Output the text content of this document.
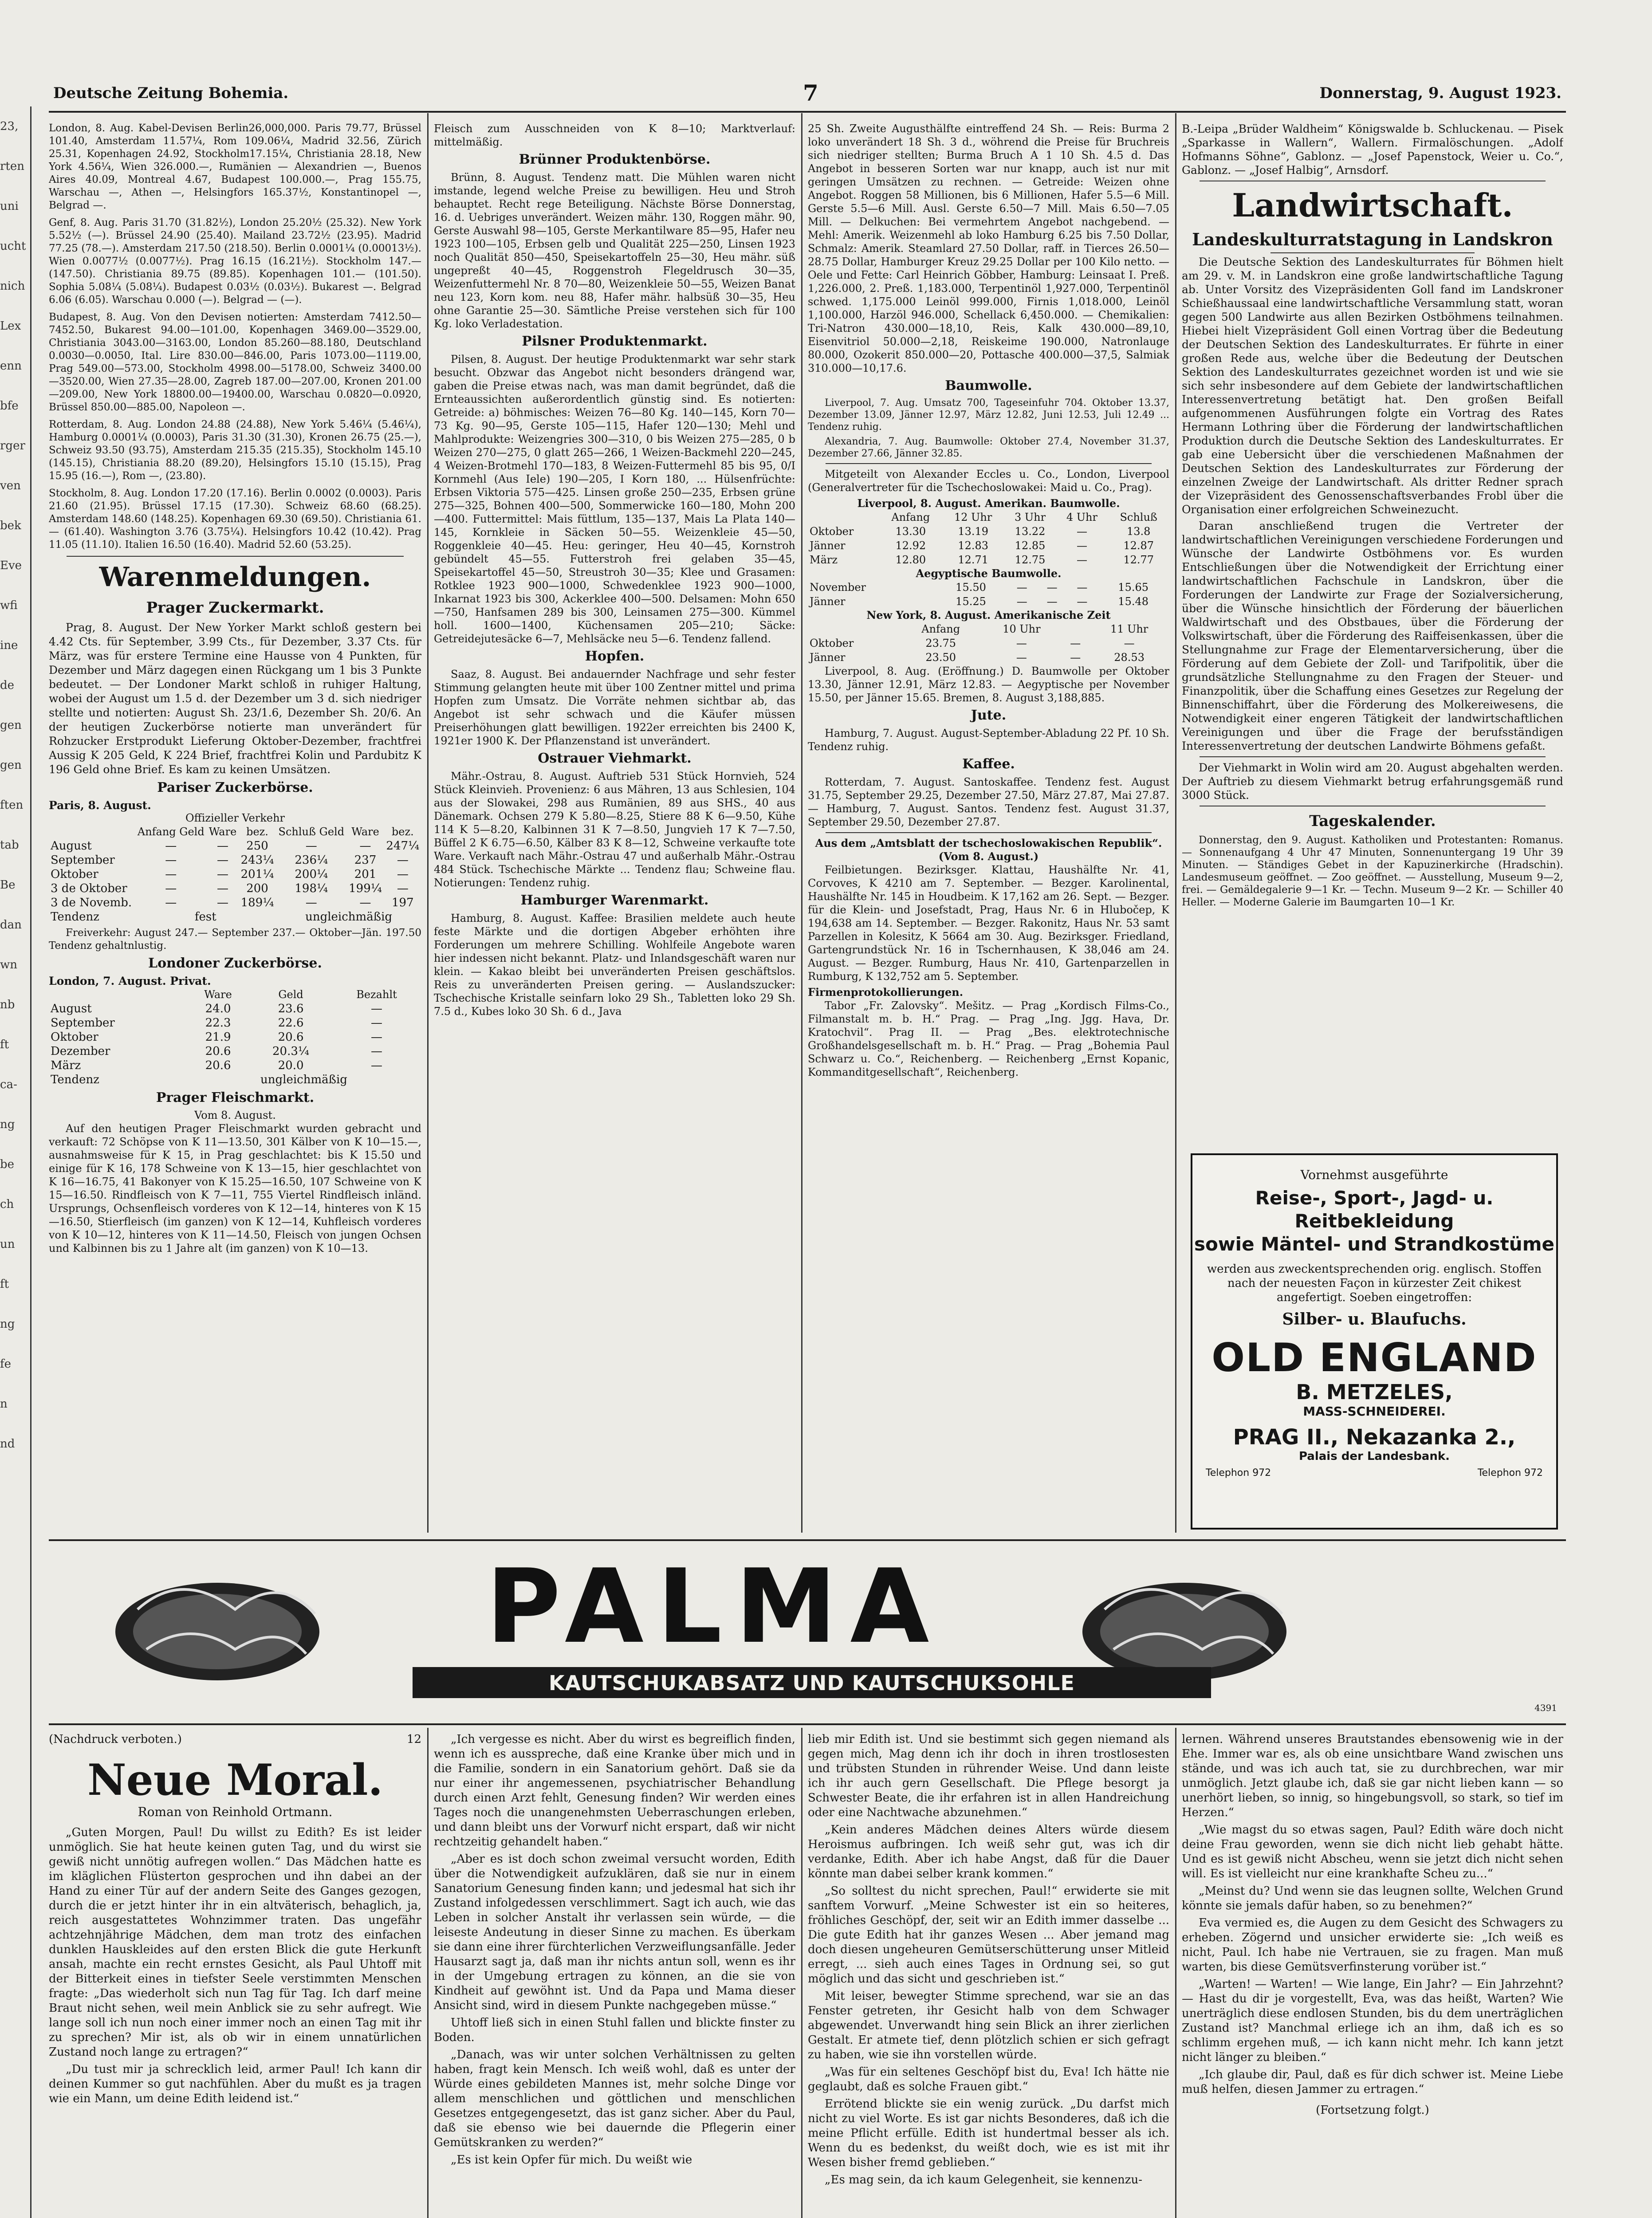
Deutsche Zeitung Bohemia.	7	Donnerstag, 9. August 1923.
23,
rten
uni
ucht
nich
Lex
enn
bfe
rger
ven
bek
Eve
wfi
ine
de
gen
gen
ften
tab
Be
dan
wn
nb
ft
ca-
ng
be
ch
un
ft
ng
fe
n
nd

London, 8. Aug. Kabel-Devisen Berlin26,000,000. Paris 79.77, Brüssel 101.40, Amsterdam 11.57¼, Rom 109.06¼, Madrid 32.56, Zürich 25.31, Kopenhagen 24.92, Stockholm17.15¼, Christiania 28.18, New York 4.56¼, Wien 326.000.—, Rumänien — Alexandrien —, Buenos Aires 40.09, Montreal 4.67, Budapest 100.000.—, Prag 155.75, Warschau —, Athen —, Helsingfors 165.37½, Konstantinopel —, Belgrad —.

Genf, 8. Aug. Paris 31.70 (31.82½), London 25.20½ (25.32). New York 5.52½ (—). Brüssel 24.90 (25.40). Mailand 23.72½ (23.95). Madrid 77.25 (78.—). Amsterdam 217.50 (218.50). Berlin 0.0001¼ (0.00013½). Wien 0.0077½ (0.0077½). Prag 16.15 (16.21½). Stockholm 147.— (147.50). Christiania 89.75 (89.85). Kopenhagen 101.— (101.50). Sophia 5.08¼ (5.08¼). Budapest 0.03½ (0.03½). Bukarest —. Belgrad 6.06 (6.05). Warschau 0.000 (—). Belgrad — (—).

Budapest, 8. Aug. Von den Devisen notierten: Amsterdam 7412.50—7452.50, Bukarest 94.00—101.00, Kopenhagen 3469.00—3529.00, Christiania 3043.00—3163.00, London 85.260—88.180, Deutschland 0.0030—0.0050, Ital. Lire 830.00—846.00, Paris 1073.00—1119.00, Prag 549.00—573.00, Stockholm 4998.00—5178.00, Schweiz 3400.00—3520.00, Wien 27.35—28.00, Zagreb 187.00—207.00, Kronen 201.00—209.00, New York 18800.00—19400.00, Warschau 0.0820—0.0920, Brüssel 850.00—885.00, Napoleon —.

Rotterdam, 8. Aug. London 24.88 (24.88), New York 5.46¼ (5.46¼), Hamburg 0.0001¼ (0.0003), Paris 31.30 (31.30), Kronen 26.75 (25.—), Schweiz 93.50 (93.75), Amsterdam 215.35 (215.35), Stockholm 145.10 (145.15), Christiania 88.20 (89.20), Helsingfors 15.10 (15.15), Prag 15.95 (16.—), Rom —, (23.80).

Stockholm, 8. Aug. London 17.20 (17.16). Berlin 0.0002 (0.0003). Paris 21.60 (21.95). Brüssel 17.15 (17.30). Schweiz 68.60 (68.25). Amsterdam 148.60 (148.25). Kopenhagen 69.30 (69.50). Christiania 61.— (61.40). Washington 3.76 (3.75¼). Helsingfors 10.42 (10.42). Prag 11.05 (11.10). Italien 16.50 (16.40). Madrid 52.60 (53.25).

Warenmeldungen.
Prager Zuckermarkt.

Prag, 8. August. Der New Yorker Markt schloß gestern bei 4.42 Cts. für September, 3.99 Cts., für Dezember, 3.37 Cts. für März, was für erstere Termine eine Hausse von 4 Punkten, für Dezember und März dagegen einen Rückgang um 1 bis 3 Punkte bedeutet. — Der Londoner Markt schloß in ruhiger Haltung, wobei der August um 1.5 d. der Dezember um 3 d. sich niedriger stellte und notierten: August Sh. 23/1.6, Dezember Sh. 20/6. An der heutigen Zuckerbörse notierte man unverändert für Rohzucker Erstprodukt Lieferung Oktober-Dezember, frachtfrei Aussig K 205 Geld, K 224 Brief, frachtfrei Kolin und Pardubitz K 196 Geld ohne Brief. Es kam zu keinen Umsätzen.

Pariser Zuckerbörse.
Paris, 8. August.
Offizieller Verkehr
	Anfang Geld	Ware	bez.	Schluß Geld	Ware	bez.
August	—	—	250	—	—	247¼
September	—	—	243¼	236¼	237	—
Oktober	—	—	201¼	200¼	201	—
3 de Oktober	—	—	200	198¼	199¼	—
3 de Novemb.	—	—	189¼	—	—	197
Tendenz	fest			ungleichmäßig		

Freiverkehr: August 247.— September 237.— Oktober—Jän. 197.50 Tendenz gehaltnlustig.

Londoner Zuckerbörse.
London, 7. August. Privat.
	Ware	Geld	Bezahlt
August	24.0	23.6	—
September	22.3	22.6	—
Oktober	21.9	20.6	—
Dezember	20.6	20.3¼	—
März	20.6	20.0	—
Tendenz	ungleichmäßig		
Prager Fleischmarkt.
Vom 8. August.

Auf den heutigen Prager Fleischmarkt wurden gebracht und verkauft: 72 Schöpse von K 11—13.50, 301 Kälber von K 10—15.—, ausnahmsweise für K 15, in Prag geschlachtet: bis K 15.50 und einige für K 16, 178 Schweine von K 13—15, hier geschlachtet von K 16—16.75, 41 Bakonyer von K 15.25—16.50, 107 Schweine von K 15—16.50. Rindfleisch von K 7—11, 755 Viertel Rindfleisch inländ. Ursprungs, Ochsenfleisch vorderes von K 12—14, hinteres von K 15—16.50, Stierfleisch (im ganzen) von K 12—14, Kuhfleisch vorderes von K 10—12, hinteres von K 11—14.50, Fleisch von jungen Ochsen und Kalbinnen bis zu 1 Jahre alt (im ganzen) von K 10—13.

Fleisch zum Ausschneiden von K 8—10; Marktverlauf: mittelmäßig.

Brünner Produktenbörse.

Brünn, 8. August. Tendenz matt. Die Mühlen waren nicht imstande, legend welche Preise zu bewilligen. Heu und Stroh behauptet. Recht rege Beteiligung. Nächste Börse Donnerstag, 16. d. Uebriges unverändert. Weizen mähr. 130, Roggen mähr. 90, Gerste Auswahl 98—105, Gerste Merkantilware 85—95, Hafer neu 1923 100—105, Erbsen gelb und Qualität 225—250, Linsen 1923 noch Qualität 850—450, Speisekartoffeln 25—30, Heu mähr. süß ungepreßt 40—45, Roggenstroh Flegeldrusch 30—35, Weizenfuttermehl Nr. 8 70—80, Weizenkleie 50—55, Weizen Banat neu 123, Korn kom. neu 88, Hafer mähr. halbsüß 30—35, Heu ohne Garantie 25—30. Sämtliche Preise verstehen sich für 100 Kg. loko Verladestation.

Pilsner Produktenmarkt.

Pilsen, 8. August. Der heutige Produktenmarkt war sehr stark besucht. Obzwar das Angebot nicht besonders drängend war, gaben die Preise etwas nach, was man damit begründet, daß die Ernteaussichten außerordentlich günstig sind. Es notierten: Getreide: a) böhmisches: Weizen 76—80 Kg. 140—145, Korn 70—73 Kg. 90—95, Gerste 105—115, Hafer 120—130; Mehl und Mahlprodukte: Weizengries 300—310, 0 bis Weizen 275—285, 0 b Weizen 270—275, 0 glatt 265—266, 1 Weizen-Backmehl 220—245, 4 Weizen-Brotmehl 170—183, 8 Weizen-Futtermehl 85 bis 95, 0/I Kornmehl (Aus Iele) 190—205, I Korn 180, ... Hülsenfrüchte: Erbsen Viktoria 575—425. Linsen große 250—235, Erbsen grüne 275—325, Bohnen 400—500, Sommerwicke 160—180, Mohn 200—400. Futtermittel: Mais füttlum, 135—137, Mais La Plata 140—145, Kornkleie in Säcken 50—55. Weizenkleie 45—50, Roggenkleie 40—45. Heu: geringer, Heu 40—45, Kornstroh gebündelt 45—55. Futterstroh frei gelaben 35—45, Speisekartoffel 45—50, Streustroh 30—35; Klee und Grasamen: Rotklee 1923 900—1000, Schwedenklee 1923 900—1000, Inkarnat 1923 bis 300, Ackerklee 400—500. Delsamen: Mohn 650—750, Hanfsamen 289 bis 300, Leinsamen 275—300. Kümmel holl. 1600—1400, Küchensamen 205—210; Säcke: Getreidejutesäcke 6—7, Mehlsäcke neu 5—6. Tendenz fallend.

Hopfen.

Saaz, 8. August. Bei andauernder Nachfrage und sehr fester Stimmung gelangten heute mit über 100 Zentner mittel und prima Hopfen zum Umsatz. Die Vorräte nehmen sichtbar ab, das Angebot ist sehr schwach und die Käufer müssen Preiserhöhungen glatt bewilligen. 1922er erreichten bis 2400 K, 1921er 1900 K. Der Pflanzenstand ist unverändert.

Ostrauer Viehmarkt.

Mähr.-Ostrau, 8. August. Auftrieb 531 Stück Hornvieh, 524 Stück Kleinvieh. Provenienz: 6 aus Mähren, 13 aus Schlesien, 104 aus der Slowakei, 298 aus Rumänien, 89 aus SHS., 40 aus Dänemark. Ochsen 279 K 5.80—8.25, Stiere 88 K 6—9.50, Kühe 114 K 5—8.20, Kalbinnen 31 K 7—8.50, Jungvieh 17 K 7—7.50, Büffel 2 K 6.75—6.50, Kälber 83 K 8—12, Schweine verkaufte tote Ware. Verkauft nach Mähr.-Ostrau 47 und außerhalb Mähr.-Ostrau 484 Stück. Tschechische Märkte ... Tendenz flau; Schweine flau. Notierungen: Tendenz ruhig.

Hamburger Warenmarkt.

Hamburg, 8. August. Kaffee: Brasilien meldete auch heute feste Märkte und die dortigen Abgeber erhöhten ihre Forderungen um mehrere Schilling. Wohlfeile Angebote waren hier indessen nicht bekannt. Platz- und Inlandsgeschäft waren nur klein. — Kakao bleibt bei unveränderten Preisen geschäftslos. Reis zu unveränderten Preisen gering. — Auslandszucker: Tschechische Kristalle seinfarn loko 29 Sh., Tabletten loko 29 Sh. 7.5 d., Kubes loko 30 Sh. 6 d., Java

25 Sh. Zweite Augusthälfte eintreffend 24 Sh. — Reis: Burma 2 loko unverändert 18 Sh. 3 d., wöhrend die Preise für Bruchreis sich niedriger stellten; Burma Bruch A 1 10 Sh. 4.5 d. Das Angebot in besseren Sorten war nur knapp, auch ist nur mit geringen Umsätzen zu rechnen. — Getreide: Weizen ohne Angebot. Roggen 58 Millionen, bis 6 Millionen, Hafer 5.5—6 Mill. Gerste 5.5—6 Mill. Ausl. Gerste 6.50—7 Mill. Mais 6.50—7.05 Mill. — Delkuchen: Bei vermehrtem Angebot nachgebend. — Mehl: Amerik. Weizenmehl ab loko Hamburg 6.25 bis 7.50 Dollar, Schmalz: Amerik. Steamlard 27.50 Dollar, raff. in Tierces 26.50—28.75 Dollar, Hamburger Kreuz 29.25 Dollar per 100 Kilo netto. — Oele und Fette: Carl Heinrich Göbber, Hamburg: Leinsaat I. Preß. 1,226.000, 2. Preß. 1,183.000, Terpentinöl 1,927.000, Terpentinöl schwed. 1,175.000 Leinöl 999.000, Firnis 1,018.000, Leinöl 1,100.000, Harzöl 946.000, Schellack 6,450.000. — Chemikalien: Tri-Natron 430.000—18,10, Reis, Kalk 430.000—89,10, Eisenvitriol 50.000—2,18, Reiskeime 190.000, Natronlauge 80.000, Ozokerit 850.000—20, Pottasche 400.000—37,5, Salmiak 310.000—10,17.6.

Baumwolle.

Liverpool, 7. Aug. Umsatz 700, Tageseinfuhr 704. Oktober 13.37, Dezember 13.09, Jänner 12.97, März 12.82, Juni 12.53, Juli 12.49 ... Tendenz ruhig.

Alexandria, 7. Aug. Baumwolle: Oktober 27.4, November 31.37, Dezember 27.66, Jänner 32.85.

Mitgeteilt von Alexander Eccles u. Co., London, Liverpool (Generalvertreter für die Tschechoslowakei: Maid u. Co., Prag).

Liverpool, 8. August. Amerikan. Baumwolle.
	Anfang	12 Uhr	3 Uhr	4 Uhr	Schluß
Oktober	13.30	13.19	13.22	—	13.8
Jänner	12.92	12.83	12.85	—	12.87
März	12.80	12.71	12.75	—	12.77
Aegyptische Baumwolle.
November	15.50	—	—	—	15.65
Jänner	15.25	—	—	—	15.48
New York, 8. August. Amerikanische Zeit
	Anfang	10 Uhr		11 Uhr
Oktober	23.75	—	—	—
Jänner	23.50	—	—	28.53

Liverpool, 8. Aug. (Eröffnung.) D. Baumwolle per Oktober 13.30, Jänner 12.91, März 12.83. — Aegyptische per November 15.50, per Jänner 15.65. Bremen, 8. August 3,188,885.

Jute.

Hamburg, 7. August. August-September-Abladung 22 Pf. 10 Sh. Tendenz ruhig.

Kaffee.

Rotterdam, 7. August. Santoskaffee. Tendenz fest. August 31.75, September 29.25, Dezember 27.50, März 27.87, Mai 27.87. — Hamburg, 7. August. Santos. Tendenz fest. August 31.37, September 29.50, Dezember 27.87.

Aus dem „Amtsblatt der tschechoslowakischen Republik“. (Vom 8. August.)

Feilbietungen. Bezirksger. Klattau, Haushälfte Nr. 41, Corvoves, K 4210 am 7. September. — Bezger. Karolinental, Haushälfte Nr. 145 in Houdbeim. K 17,162 am 26. Sept. — Bezger. für die Klein- und Josefstadt, Prag, Haus Nr. 6 in Hlubočep, K 194,638 am 14. September. — Bezger. Rakonitz, Haus Nr. 53 samt Parzellen in Kolesitz, K 5664 am 30. Aug. Bezirksger. Friedland, Gartengrundstück Nr. 16 in Tschernhausen, K 38,046 am 24. August. — Bezger. Rumburg, Haus Nr. 410, Gartenparzellen in Rumburg, K 132,752 am 5. September.

Firmenprotokollierungen.

Tabor „Fr. Zalovsky“. Mešitz. — Prag „Kordisch Films-Co., Filmanstalt m. b. H.“ Prag. — Prag „Ing. Jgg. Hava, Dr. Kratochvil“. Prag II. — Prag „Bes. elektrotechnische Großhandelsgesellschaft m. b. H.“ Prag. — Prag „Bohemia Paul Schwarz u. Co.“, Reichenberg. — Reichenberg „Ernst Kopanic, Kommanditgesellschaft“, Reichenberg.

B.-Leipa „Brüder Waldheim“ Königswalde b. Schluckenau. — Pisek „Sparkasse in Wallern“, Wallern. Firmalöschungen. „Adolf Hofmanns Söhne“, Gablonz. — „Josef Papenstock, Weier u. Co.“, Gablonz. — „Josef Halbig“, Arnsdorf.

Landwirtschaft.
Landeskulturratstagung in Landskron

Die Deutsche Sektion des Landeskulturrates für Böhmen hielt am 29. v. M. in Landskron eine große landwirtschaftliche Tagung ab. Unter Vorsitz des Vizepräsidenten Goll fand im Landskroner Schießhaussaal eine landwirtschaftliche Versammlung statt, woran gegen 500 Landwirte aus allen Bezirken Ostböhmens teilnahmen. Hiebei hielt Vizepräsident Goll einen Vortrag über die Bedeutung der Deutschen Sektion des Landeskulturrates. Er führte in einer großen Rede aus, welche über die Bedeutung der Deutschen Sektion des Landeskulturrates gezeichnet worden ist und wie sie sich sehr insbesondere auf dem Gebiete der landwirtschaftlichen Interessenvertretung betätigt hat. Den großen Beifall aufgenommenen Ausführungen folgte ein Vortrag des Rates Hermann Lothring über die Förderung der landwirtschaftlichen Produktion durch die Deutsche Sektion des Landeskulturrates. Er gab eine Uebersicht über die verschiedenen Maßnahmen der Deutschen Sektion des Landeskulturrates zur Förderung der einzelnen Zweige der Landwirtschaft. Als dritter Redner sprach der Vizepräsident des Genossenschaftsverbandes Frobl über die Organisation einer erfolgreichen Schweinezucht.

Daran anschließend trugen die Vertreter der landwirtschaftlichen Vereinigungen verschiedene Forderungen und Wünsche der Landwirte Ostböhmens vor. Es wurden Entschließungen über die Notwendigkeit der Errichtung einer landwirtschaftlichen Fachschule in Landskron, über die Forderungen der Landwirte zur Frage der Sozialversicherung, über die Wünsche hinsichtlich der Förderung der bäuerlichen Waldwirtschaft und des Obstbaues, über die Förderung der Volkswirtschaft, über die Förderung des Raiffeisenkassen, über die Stellungnahme zur Frage der Elementarversicherung, über die Förderung auf dem Gebiete der Zoll- und Tarifpolitik, über die grundsätzliche Stellungnahme zu den Fragen der Steuer- und Finanzpolitik, über die Schaffung eines Gesetzes zur Regelung der Binnenschiffahrt, über die Förderung des Molkereiwesens, die Notwendigkeit einer engeren Tätigkeit der landwirtschaftlichen Vereinigungen und über die Frage der berufsständigen Interessenvertretung der deutschen Landwirte Böhmens gefaßt.

Der Viehmarkt in Wolin wird am 20. August abgehalten werden. Der Auftrieb zu diesem Viehmarkt betrug erfahrungsgemäß rund 3000 Stück.

Tageskalender.

Donnerstag, den 9. August. Katholiken und Protestanten: Romanus. — Sonnenaufgang 4 Uhr 47 Minuten, Sonnenuntergang 19 Uhr 39 Minuten. — Ständiges Gebet in der Kapuzinerkirche (Hradschin). Landesmuseum geöffnet. — Zoo geöffnet. — Ausstellung, Museum 9—2, frei. — Gemäldegalerie 9—1 Kr. — Techn. Museum 9—2 Kr. — Schiller 40 Heller. — Moderne Galerie im Baumgarten 10—1 Kr.

Vornehmst ausgeführte
Reise-, Sport-, Jagd- u. Reitbekleidung
sowie Mäntel- und Strandkostüme
werden aus zweckentsprechenden orig. englisch. Stoffen nach der neuesten Façon in kürzester Zeit chikest angefertigt. Soeben eingetroffen:
Silber- u. Blaufuchs.
OLD ENGLAND
B. METZELES,
MASS-SCHNEIDEREI.
PRAG II., Nekazanka 2.,
Palais der Landesbank.
Telephon 972	Telephon 972
PALMA
KAUTSCHUKABSATZ UND KAUTSCHUKSOHLE
4391
(Nachdruck verboten.)	12
Neue Moral.
Roman von Reinhold Ortmann.

„Guten Morgen, Paul! Du willst zu Edith? Es ist leider unmöglich. Sie hat heute keinen guten Tag, und du wirst sie gewiß nicht unnötig aufregen wollen.“ Das Mädchen hatte es im kläglichen Flüsterton gesprochen und ihn dabei an der Hand zu einer Tür auf der andern Seite des Ganges gezogen, durch die er jetzt hinter ihr in ein altväterisch, behaglich, ja, reich ausgestattetes Wohnzimmer traten. Das ungefähr achtzehnjährige Mädchen, dem man trotz des einfachen dunklen Hauskleides auf den ersten Blick die gute Herkunft ansah, machte ein recht ernstes Gesicht, als Paul Uhtoff mit der Bitterkeit eines in tiefster Seele verstimmten Menschen fragte: „Das wiederholt sich nun Tag für Tag. Ich darf meine Braut nicht sehen, weil mein Anblick sie zu sehr aufregt. Wie lange soll ich nun noch einer immer noch an einen Tag mit ihr zu sprechen? Mir ist, als ob wir in einem unnatürlichen Zustand noch lange zu ertragen?“

„Du tust mir ja schrecklich leid, armer Paul! Ich kann dir deinen Kummer so gut nachfühlen. Aber du mußt es ja tragen wie ein Mann, um deine Edith leidend ist.“

„Ich vergesse es nicht. Aber du wirst es begreiflich finden, wenn ich es ausspreche, daß eine Kranke über mich und in die Familie, sondern in ein Sanatorium gehört. Daß sie da nur einer ihr angemessenen, psychiatrischer Behandlung durch einen Arzt fehlt, Genesung finden? Wir werden eines Tages noch die unangenehmsten Ueberraschungen erleben, und dann bleibt uns der Vorwurf nicht erspart, daß wir nicht rechtzeitig gehandelt haben.“

„Aber es ist doch schon zweimal versucht worden, Edith über die Notwendigkeit aufzuklären, daß sie nur in einem Sanatorium Genesung finden kann; und jedesmal hat sich ihr Zustand infolgedessen verschlimmert. Sagt ich auch, wie das Leben in solcher Anstalt ihr verlassen sein würde, — die leiseste Andeutung in dieser Sinne zu machen. Es überkam sie dann eine ihrer fürchterlichen Verzweiflungsanfälle. Jeder Hausarzt sagt ja, daß man ihr nichts antun soll, wenn es ihr in der Umgebung ertragen zu können, an die sie von Kindheit auf gewöhnt ist. Und da Papa und Mama dieser Ansicht sind, wird in diesem Punkte nachgegeben müsse.“

Uhtoff ließ sich in einen Stuhl fallen und blickte finster zu Boden.

„Danach, was wir unter solchen Verhältnissen zu gelten haben, fragt kein Mensch. Ich weiß wohl, daß es unter der Würde eines gebildeten Mannes ist, mehr solche Dinge vor allem menschlichen und göttlichen und menschlichen Gesetzes entgegengesetzt, das ist ganz sicher. Aber du Paul, daß sie ebenso wie bei dauernde die Pflegerin einer Gemütskranken zu werden?“

„Es ist kein Opfer für mich. Du weißt wie

lieb mir Edith ist. Und sie bestimmt sich gegen niemand als gegen mich, Mag denn ich ihr doch in ihren trostlosesten und trübsten Stunden in rührender Weise. Und dann leiste ich ihr auch gern Gesellschaft. Die Pflege besorgt ja Schwester Beate, die ihr erfahren ist in allen Handreichung oder eine Nachtwache abzunehmen.“

„Kein anderes Mädchen deines Alters würde diesem Heroismus aufbringen. Ich weiß sehr gut, was ich dir verdanke, Edith. Aber ich habe Angst, daß für die Dauer könnte man dabei selber krank kommen.“

„So solltest du nicht sprechen, Paul!“ erwiderte sie mit sanftem Vorwurf. „Meine Schwester ist ein so heiteres, fröhliches Geschöpf, der, seit wir an Edith immer dasselbe ... Die gute Edith hat ihr ganzes Wesen ... Aber jemand mag doch diesen ungeheuren Gemütserschütterung unser Mitleid erregt, ... sieh auch eines Tages in Ordnung sei, so gut möglich und das sicht und geschrieben ist.“

Mit leiser, bewegter Stimme sprechend, war sie an das Fenster getreten, ihr Gesicht halb von dem Schwager abgewendet. Unverwandt hing sein Blick an ihrer zierlichen Gestalt. Er atmete tief, denn plötzlich schien er sich gefragt zu haben, wie sie ihn vorstellen würde.

„Was für ein seltenes Geschöpf bist du, Eva! Ich hätte nie geglaubt, daß es solche Frauen gibt.“

Errötend blickte sie ein wenig zurück. „Du darfst mich nicht zu viel Worte. Es ist gar nichts Besonderes, daß ich die meine Pflicht erfülle. Edith ist hundertmal besser als ich. Wenn du es bedenkst, du weißt doch, wie es ist mit ihr Wesen bisher fremd geblieben.“

„Es mag sein, da ich kaum Gelegenheit, sie kennenzu-

lernen. Während unseres Brautstandes ebensowenig wie in der Ehe. Immer war es, als ob eine unsichtbare Wand zwischen uns stände, und was ich auch tat, sie zu durchbrechen, war mir unmöglich. Jetzt glaube ich, daß sie gar nicht lieben kann — so unerhört lieben, so innig, so hingebungsvoll, so stark, so tief im Herzen.“

„Wie magst du so etwas sagen, Paul? Edith wäre doch nicht deine Frau geworden, wenn sie dich nicht lieb gehabt hätte. Und es ist gewiß nicht Abscheu, wenn sie jetzt dich nicht sehen will. Es ist vielleicht nur eine krankhafte Scheu zu...“

„Meinst du? Und wenn sie das leugnen sollte, Welchen Grund könnte sie jemals dafür haben, so zu benehmen?“

Eva vermied es, die Augen zu dem Gesicht des Schwagers zu erheben. Zögernd und unsicher erwiderte sie: „Ich weiß es nicht, Paul. Ich habe nie Vertrauen, sie zu fragen. Man muß warten, bis diese Gemütsverfinsterung vorüber ist.“

„Warten! — Warten! — Wie lange, Ein Jahr? — Ein Jahrzehnt? — Hast du dir je vorgestellt, Eva, was das heißt, Warten? Wie unerträglich diese endlosen Stunden, bis du dem unerträglichen Zustand ist? Manchmal erliege ich an ihm, daß ich es so schlimm ergehen muß, — ich kann nicht mehr. Ich kann jetzt nicht länger zu bleiben.“

„Ich glaube dir, Paul, daß es für dich schwer ist. Meine Liebe muß helfen, diesen Jammer zu ertragen.“

(Fortsetzung folgt.)
